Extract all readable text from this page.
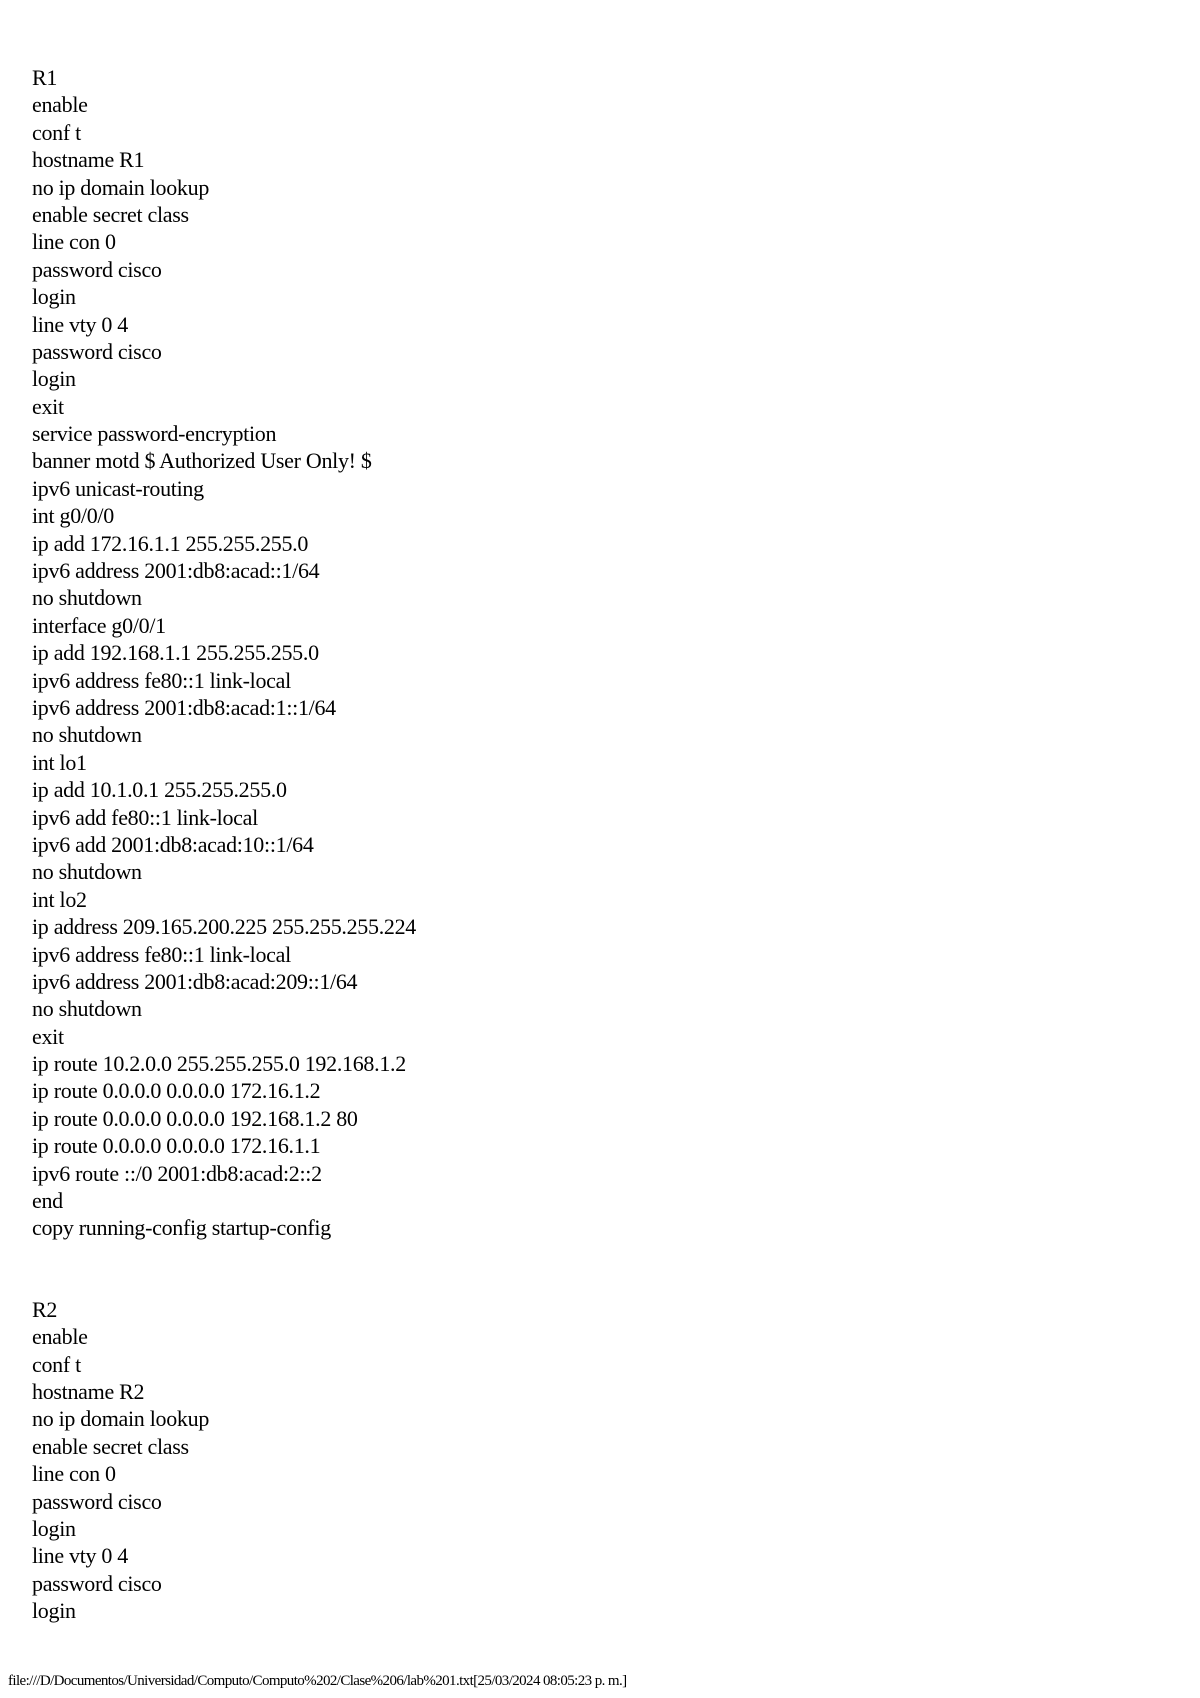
R1
enable
conf t
hostname R1
no ip domain lookup
enable secret class
line con 0
password cisco
login
line vty 0 4
password cisco
login
exit
service password-encryption
banner motd $ Authorized User Only! $
ipv6 unicast-routing
int g0/0/0
ip add 172.16.1.1 255.255.255.0
ipv6 address 2001:db8:acad::1/64
no shutdown
interface g0/0/1
ip add 192.168.1.1 255.255.255.0
ipv6 address fe80::1 link-local
ipv6 address 2001:db8:acad:1::1/64
no shutdown
int lo1
ip add 10.1.0.1 255.255.255.0
ipv6 add fe80::1 link-local
ipv6 add 2001:db8:acad:10::1/64
no shutdown
int lo2
ip address 209.165.200.225 255.255.255.224
ipv6 address fe80::1 link-local
ipv6 address 2001:db8:acad:209::1/64
no shutdown
exit
ip route 10.2.0.0 255.255.255.0 192.168.1.2
ip route 0.0.0.0 0.0.0.0 172.16.1.2
ip route 0.0.0.0 0.0.0.0 192.168.1.2 80
ip route 0.0.0.0 0.0.0.0 172.16.1.1
ipv6 route ::/0 2001:db8:acad:2::2
end
copy running-config startup-config
R2
enable
conf t
hostname R2
no ip domain lookup
enable secret class
line con 0
password cisco
login
line vty 0 4
password cisco
login
file:///D/Documentos/Universidad/Computo/Computo%202/Clase%206/lab%201.txt[25/03/2024 08:05:23 p. m.]
